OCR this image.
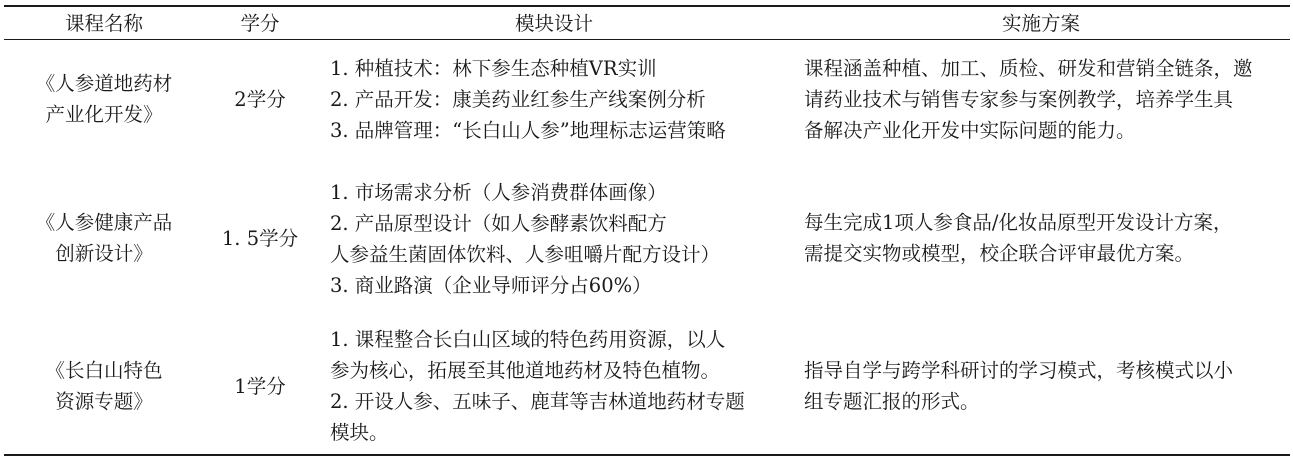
课程名称	学分	模块设计	实施方案

《人参道地药材
产业化开发》	2学分	1. 种植技术：林下参生态种植VR实训
2. 产品开发：康美药业红参生产线案例分析
3. 品牌管理：“长白山人参”地理标志运营策略	课程涵盖种植、加工、质检、研发和营销全链条，邀
请药业技术与销售专家参与案例教学，培养学生具
备解决产业化开发中实际问题的能力。

《人参健康产品
创新设计》	1. 5学分	1. 市场需求分析（人参消费群体画像）
2. 产品原型设计（如人参酵素饮料配方
人参益生菌固体饮料、人参咀嚼片配方设计）
3. 商业路演（企业导师评分占60%）	每生完成1项人参食品/化妆品原型开发设计方案，
需提交实物或模型，校企联合评审最优方案。

《长白山特色
资源专题》	1学分	1. 课程整合长白山区域的特色药用资源，以人
参为核心，拓展至其他道地药材及特色植物。
2. 开设人参、五味子、鹿茸等吉林道地药材专题
模块。	指导自学与跨学科研讨的学习模式，考核模式以小
组专题汇报的形式。
